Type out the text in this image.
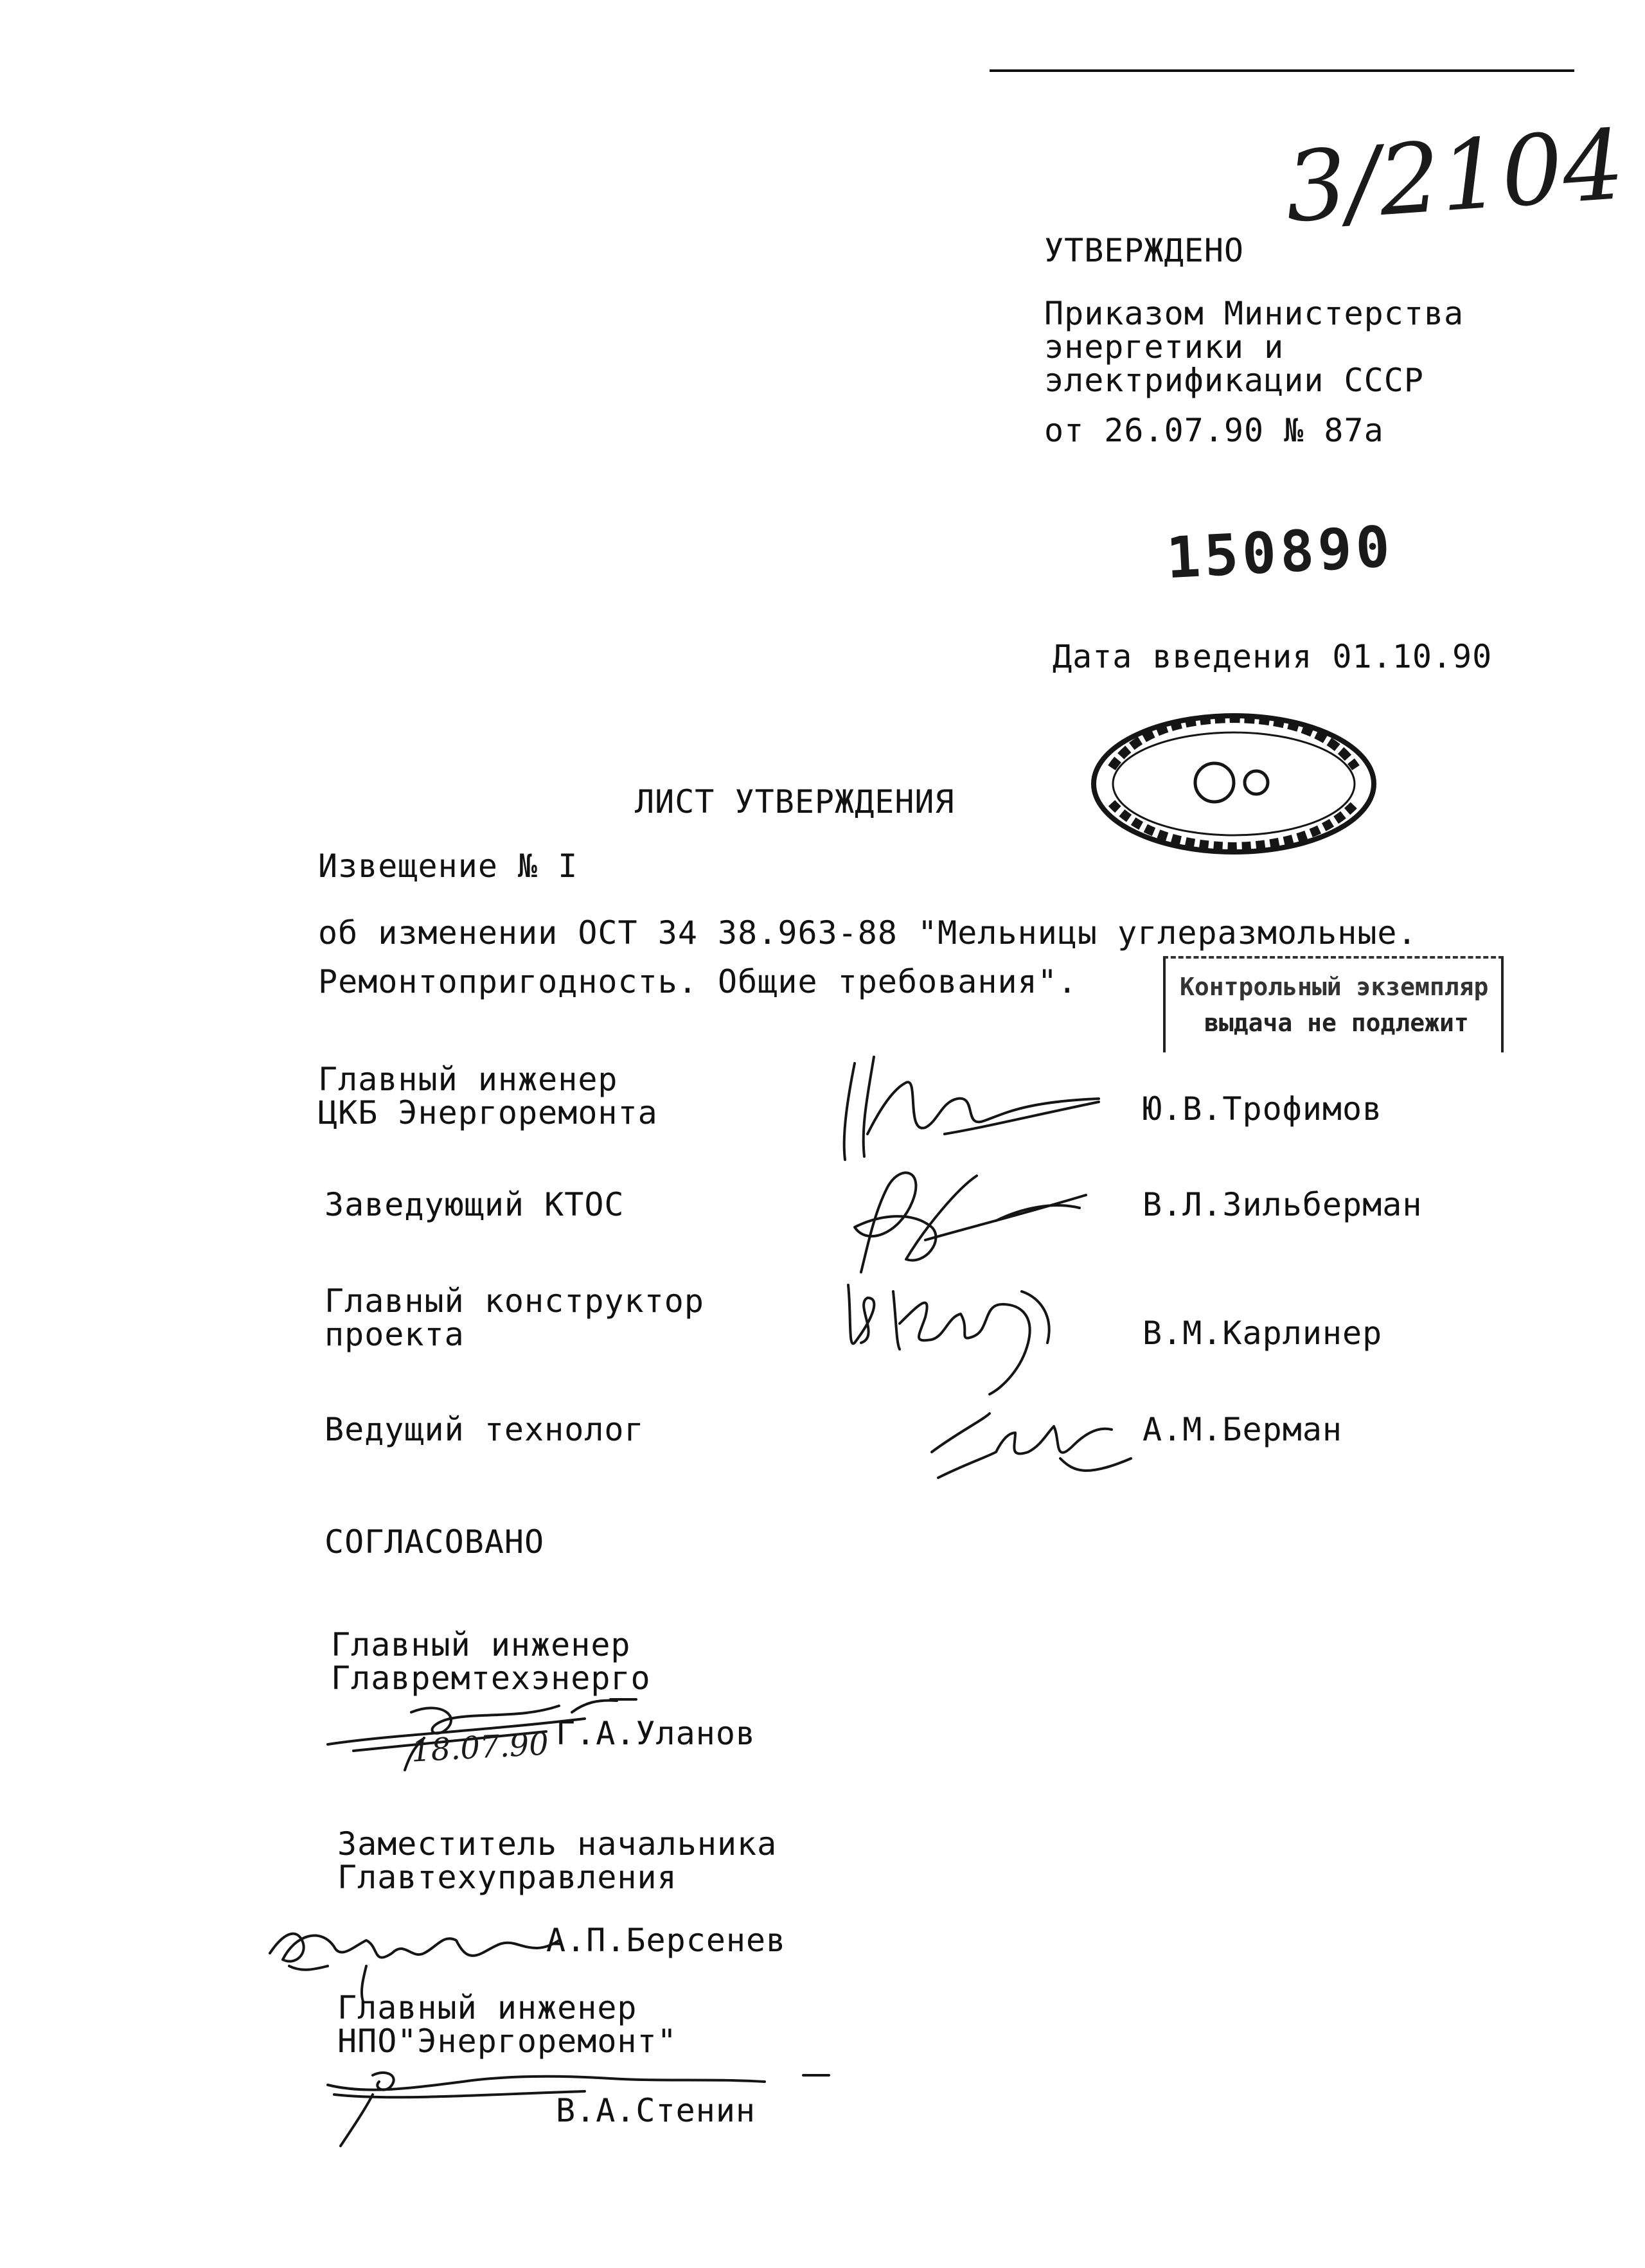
3/2104
УТВЕРЖДЕНО
Приказом Министерства
энергетики и
электрификации СССР
от 26.07.90 № 87а
150890
Дата введения 01.10.90
ЛИСТ УТВЕРЖДЕНИЯ
Извещение № I
об изменении ОСТ 34 38.963-88 "Мельницы углеразмольные.
Ремонтопригодность. Общие требования".	Контрольный экземпляр
выдача не подлежит
Главный инженер
ЦКБ Энергоремонта	Ю.В.Трофимов
Заведующий КТОС	В.Л.Зильберман
Главный конструктор
проекта	В.М.Карлинер
Ведущий технолог	А.М.Берман
СОГЛАСОВАНО
Главный инженер
Главремтехэнерго
18.07.90 Г.А.Уланов
Заместитель начальника
Главтехуправления
А.П.Берсенев
Главный инженер
НПО"Энергоремонт"
В.А.Стенин
